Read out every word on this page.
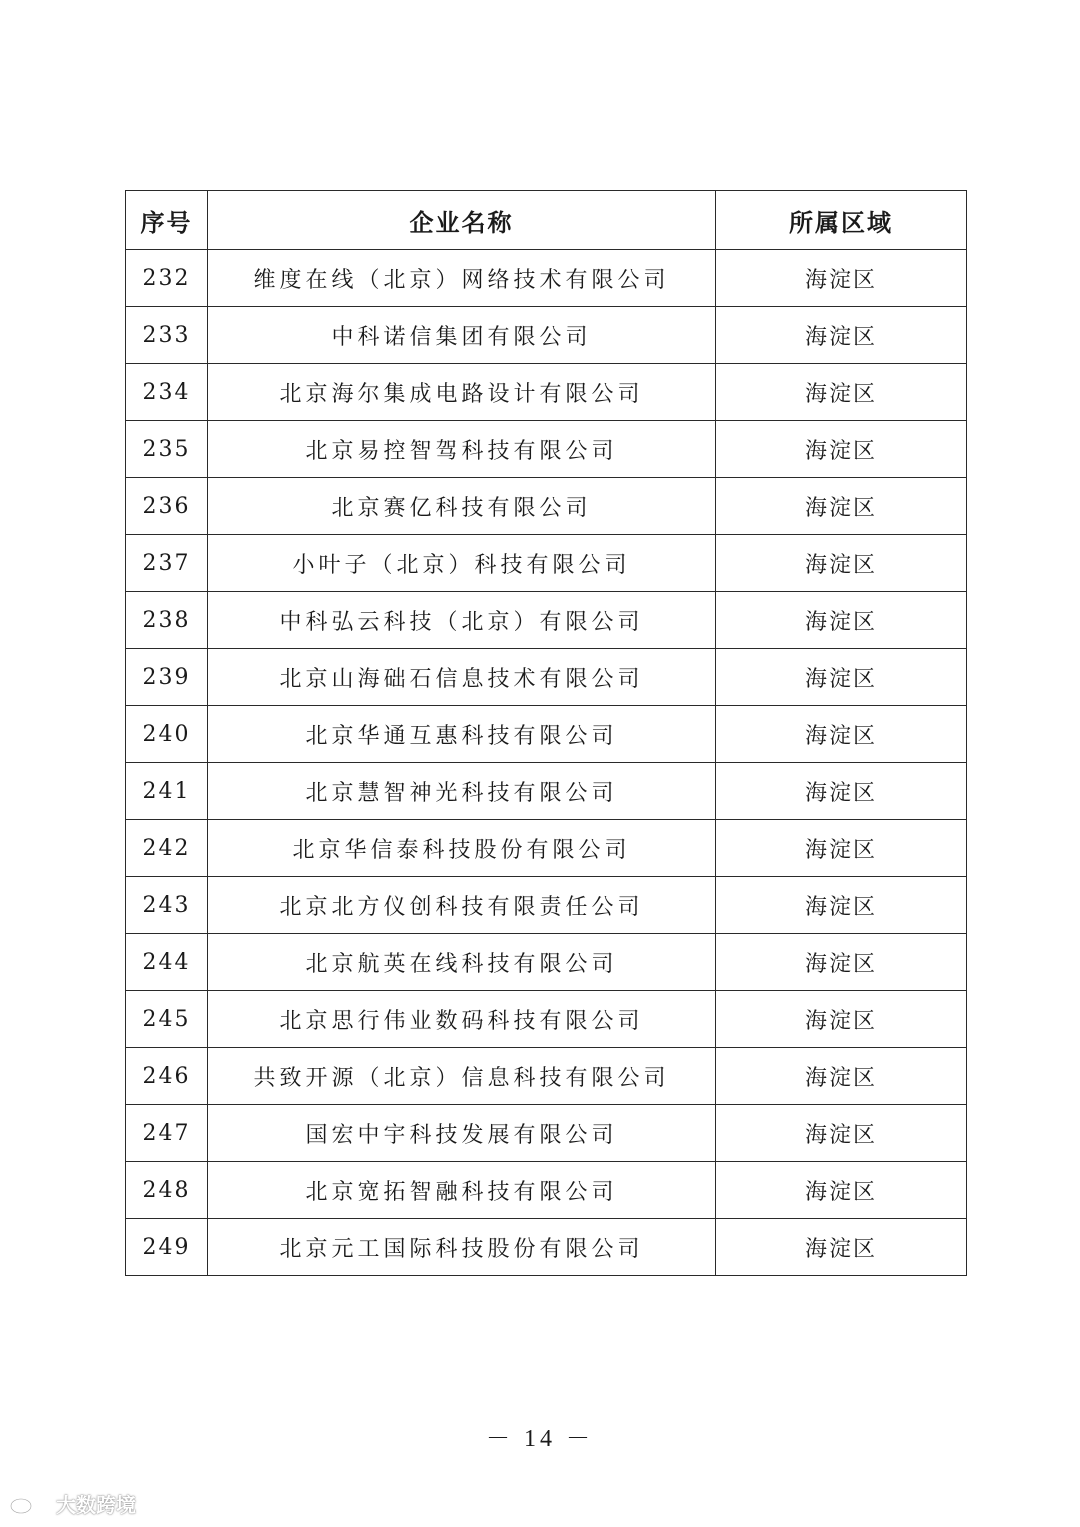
序号	企业名称	所属区域
232	维度在线（北京）网络技术有限公司	海淀区
233	中科诺信集团有限公司	海淀区
234	北京海尔集成电路设计有限公司	海淀区
235	北京易控智驾科技有限公司	海淀区
236	北京赛亿科技有限公司	海淀区
237	小叶子（北京）科技有限公司	海淀区
238	中科弘云科技（北京）有限公司	海淀区
239	北京山海础石信息技术有限公司	海淀区
240	北京华通互惠科技有限公司	海淀区
241	北京慧智神光科技有限公司	海淀区
242	北京华信泰科技股份有限公司	海淀区
243	北京北方仪创科技有限责任公司	海淀区
244	北京航英在线科技有限公司	海淀区
245	北京思行伟业数码科技有限公司	海淀区
246	共致开源（北京）信息科技有限公司	海淀区
247	国宏中宇科技发展有限公司	海淀区
248	北京宽拓智融科技有限公司	海淀区
249	北京元工国际科技股份有限公司	海淀区
－ 14 －
大数跨境
